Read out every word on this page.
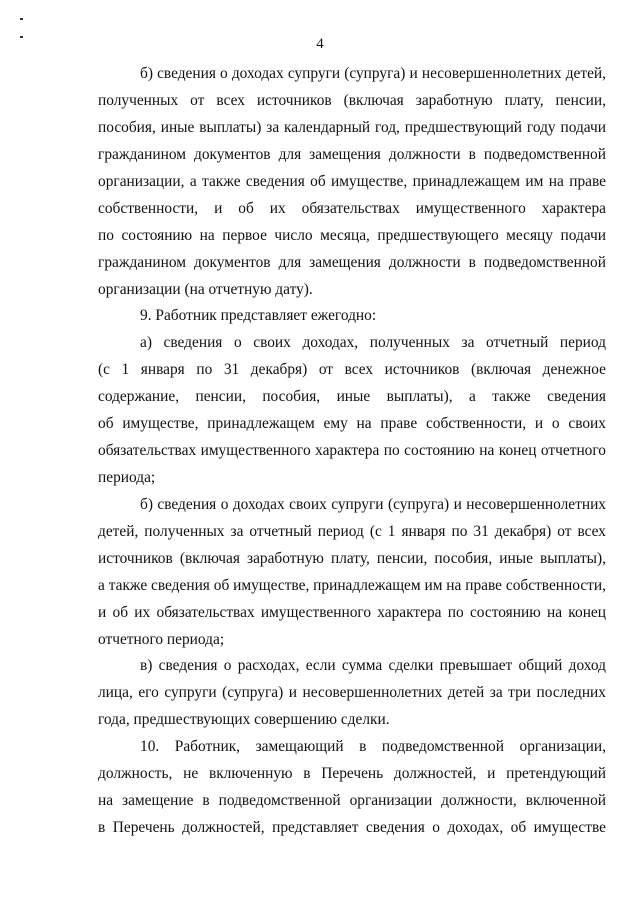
4

б) сведения о доходах супруги (супруга) и несовершеннолетних детей,

полученных от всех источников (включая заработную плату, пенсии,

пособия, иные выплаты) за календарный год, предшествующий году подачи

гражданином документов для замещения должности в подведомственной

организации, а также сведения об имуществе, принадлежащем им на праве

собственности, и об их обязательствах имущественного характера

по состоянию на первое число месяца, предшествующего месяцу подачи

гражданином документов для замещения должности в подведомственной

организации (на отчетную дату).

9. Работник представляет ежегодно:

а) сведения о своих доходах, полученных за отчетный период

(с 1 января по 31 декабря) от всех источников (включая денежное

содержание, пенсии, пособия, иные выплаты), а также сведения

об имуществе, принадлежащем ему на праве собственности, и о своих

обязательствах имущественного характера по состоянию на конец отчетного

периода;

б) сведения о доходах своих супруги (супруга) и несовершеннолетних

детей, полученных за отчетный период (с 1 января по 31 декабря) от всех

источников (включая заработную плату, пенсии, пособия, иные выплаты),

а также сведения об имуществе, принадлежащем им на праве собственности,

и об их обязательствах имущественного характера по состоянию на конец

отчетного периода;

в) сведения о расходах, если сумма сделки превышает общий доход

лица, его супруги (супруга) и несовершеннолетних детей за три последних

года, предшествующих совершению сделки.

10. Работник, замещающий в подведомственной организации,

должность, не включенную в Перечень должностей, и претендующий

на замещение в подведомственной организации должности, включенной

в Перечень должностей, представляет сведения о доходах, об имуществе
